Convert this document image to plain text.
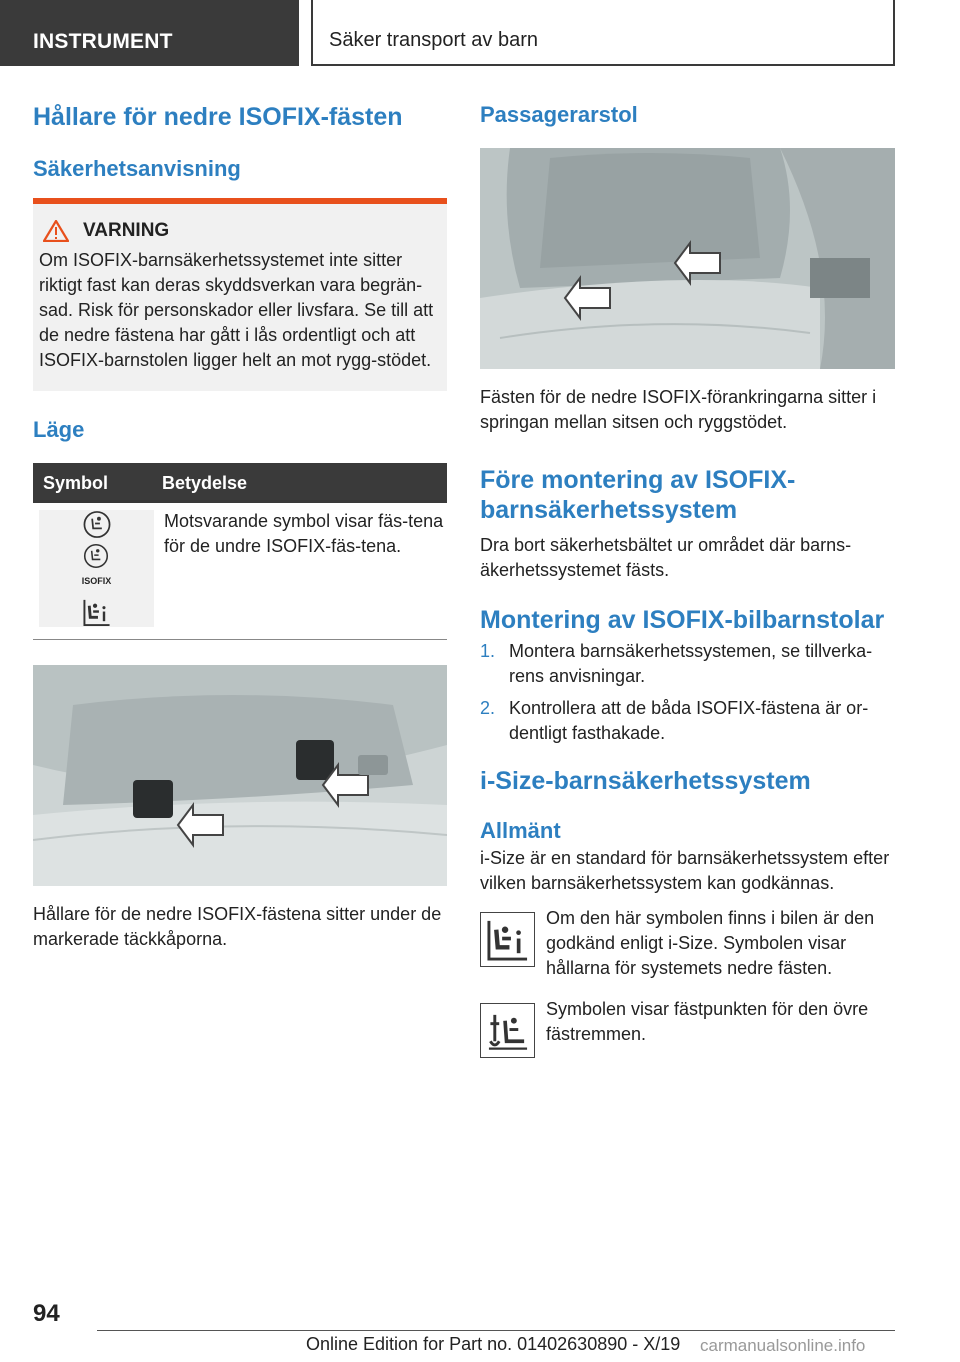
INSTRUMENT	Säker transport av barn
Hållare för nedre ISOFIX-fästen
Säkerhetsanvisning
VARNING
Om ISOFIX-barnsäkerhetssystemet inte sitter riktigt fast kan deras skyddsverkan vara begrän-sad. Risk för personskador eller livsfara. Se till att de nedre fästena har gått i lås ordentligt och att ISOFIX-barnstolen ligger helt an mot rygg-stödet.
Läge
Symbol	Betydelse

ISOFIX	Motsvarande symbol visar fäs-tena för de undre ISOFIX-fäs-tena.
Hållare för de nedre ISOFIX-fästena sitter under de markerade täckkåporna.
Passagerarstol
Fästen för de nedre ISOFIX-förankringarna sitter i springan mellan sitsen och ryggstödet.
Före montering av ISOFIX-barnsäkerhetssystem
Dra bort säkerhetsbältet ur området där barns-äkerhetssystemet fästs.
Montering av ISOFIX-bilbarnstolar
1. Montera barnsäkerhetssystemen, se tillverka-rens anvisningar.
2. Kontrollera att de båda ISOFIX-fästena är or-dentligt fasthakade.
i-Size-barnsäkerhetssystem
Allmänt
i-Size är en standard för barnsäkerhetssystem efter vilken barnsäkerhetssystem kan godkännas.
Om den här symbolen finns i bilen är den godkänd enligt i-Size. Symbolen visar hållarna för systemets nedre fästen.
Symbolen visar fästpunkten för den övre fästremmen.
94
Online Edition for Part no. 01402630890 - X/19 carmanualsonline.info
